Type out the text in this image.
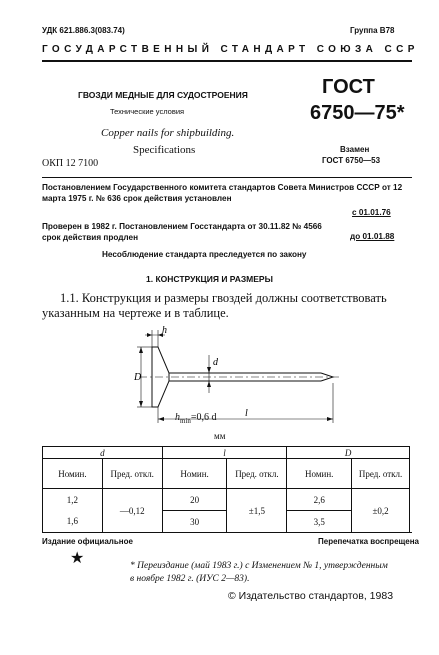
УДК 621.886.3(083.74)	Группа В78
ГОСУДАРСТВЕННЫЙ СТАНДАРТ СОЮЗА ССР
ГВОЗДИ МЕДНЫЕ ДЛЯ СУДОСТРОЕНИЯ
Технические условия
Copper nails for shipbuilding.
Specifications
ОКП 12 7100
ГОСТ
6750—75*
Взамен
ГОСТ 6750—53
Постановлением Государственного комитета стандартов Совета Министров СССР от 12 марта 1975 г. № 636 срок действия установлен
с 01.01.76
Проверен в 1982 г. Постановлением Госстандарта от 30.11.82 № 4566 срок действия продлен	до 01.01.88
Несоблюдение стандарта преследуется по закону
1. КОНСТРУКЦИЯ И РАЗМЕРЫ
1.1. Конструкция и размеры гвоздей должны соответствовать указанным на чертеже и в таблице.
h
D
d
l
$h_{min}=0,6$ d
мм
d		l		D	
Номин.	Пред. откл.	Номин.	Пред. откл.	Номин.	Пред. откл.
1,2	—0,12	20	±1,5	2,6	±0,2
1,6		30		3,5	
Издание официальное	Перепечатка воспрещена
★	* Переиздание (май 1983 г.) с Изменением № 1, утвержденным в ноябре 1982 г. (ИУС 2—83).
© Издательство стандартов, 1983
